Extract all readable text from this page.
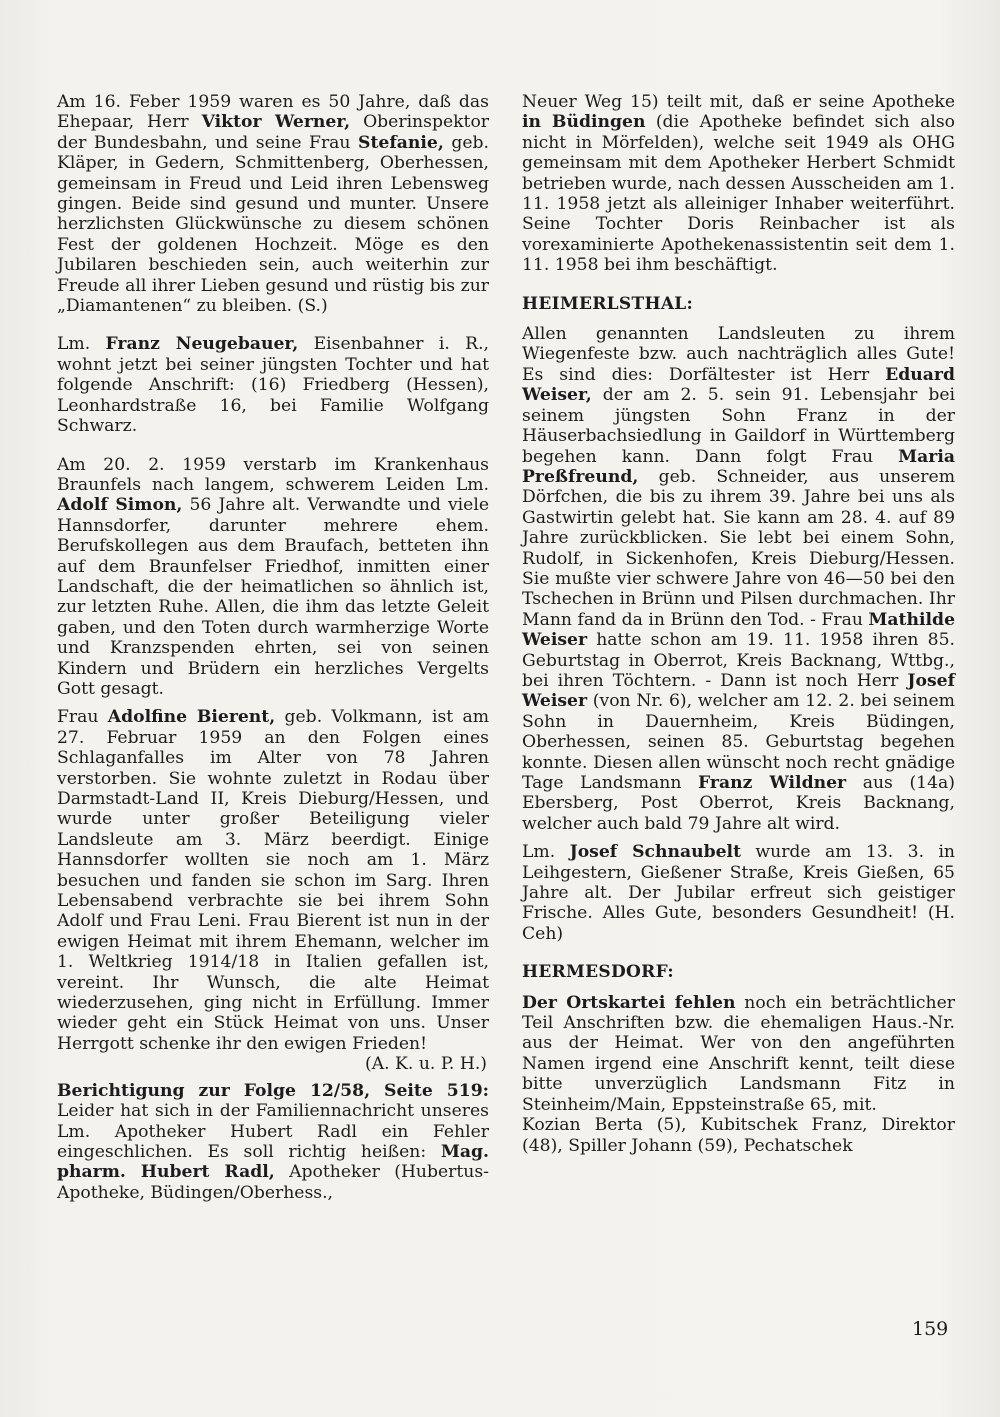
Am 16. Feber 1959 waren es 50 Jahre, daß das Ehepaar, Herr Viktor Werner, Oberinspektor der Bundesbahn, und seine Frau Stefanie, geb. Kläper, in Gedern, Schmittenberg, Oberhessen, gemeinsam in Freud und Leid ihren Lebensweg gingen. Beide sind gesund und munter. Unsere herzlichsten Glückwünsche zu diesem schönen Fest der goldenen Hochzeit. Möge es den Jubilaren beschieden sein, auch weiterhin zur Freude all ihrer Lieben gesund und rüstig bis zur „Diamantenen“ zu bleiben. (S.)

Lm. Franz Neugebauer, Eisenbahner i. R., wohnt jetzt bei seiner jüngsten Tochter und hat folgende Anschrift: (16) Friedberg (Hessen), Leonhardstraße 16, bei Familie Wolfgang Schwarz.

Am 20. 2. 1959 verstarb im Krankenhaus Braunfels nach langem, schwerem Leiden Lm. Adolf Simon, 56 Jahre alt. Verwandte und viele Hannsdorfer, darunter mehrere ehem. Berufskollegen aus dem Braufach, betteten ihn auf dem Braunfelser Friedhof, inmitten einer Landschaft, die der heimatlichen so ähnlich ist, zur letzten Ruhe. Allen, die ihm das letzte Geleit gaben, und den Toten durch warmherzige Worte und Kranzspenden ehrten, sei von seinen Kindern und Brüdern ein herzliches Vergelts Gott gesagt.

Frau Adolfine Bierent, geb. Volkmann, ist am 27. Februar 1959 an den Folgen eines Schlaganfalles im Alter von 78 Jahren verstorben. Sie wohnte zuletzt in Rodau über Darmstadt-Land II, Kreis Dieburg/Hessen, und wurde unter großer Beteiligung vieler Landsleute am 3. März beerdigt. Einige Hannsdorfer wollten sie noch am 1. März besuchen und fanden sie schon im Sarg. Ihren Lebensabend verbrachte sie bei ihrem Sohn Adolf und Frau Leni. Frau Bierent ist nun in der ewigen Heimat mit ihrem Ehemann, welcher im 1. Weltkrieg 1914/18 in Italien gefallen ist, vereint. Ihr Wunsch, die alte Heimat wiederzusehen, ging nicht in Erfüllung. Immer wieder geht ein Stück Heimat von uns. Unser Herrgott schenke ihr den ewigen Frieden!

(A. K. u. P. H.)

Berichtigung zur Folge 12/58, Seite 519: Leider hat sich in der Familiennachricht unseres Lm. Apotheker Hubert Radl ein Fehler eingeschlichen. Es soll richtig heißen: Mag. pharm. Hubert Radl, Apotheker (Hubertus-Apotheke, Büdingen/Oberhess.,

Neuer Weg 15) teilt mit, daß er seine Apotheke in Büdingen (die Apotheke befindet sich also nicht in Mörfelden), welche seit 1949 als OHG gemeinsam mit dem Apotheker Herbert Schmidt betrieben wurde, nach dessen Ausscheiden am 1. 11. 1958 jetzt als alleiniger Inhaber weiterführt. Seine Tochter Doris Reinbacher ist als vorexaminierte Apothekenassistentin seit dem 1. 11. 1958 bei ihm beschäftigt.

HEIMERLSTHAL:

Allen genannten Landsleuten zu ihrem Wiegenfeste bzw. auch nachträglich alles Gute! Es sind dies: Dorfältester ist Herr Eduard Weiser, der am 2. 5. sein 91. Lebensjahr bei seinem jüngsten Sohn Franz in der Häuserbachsiedlung in Gaildorf in Württemberg begehen kann. Dann folgt Frau Maria Preßfreund, geb. Schneider, aus unserem Dörfchen, die bis zu ihrem 39. Jahre bei uns als Gastwirtin gelebt hat. Sie kann am 28. 4. auf 89 Jahre zurückblicken. Sie lebt bei einem Sohn, Rudolf, in Sickenhofen, Kreis Dieburg/Hessen. Sie mußte vier schwere Jahre von 46—50 bei den Tschechen in Brünn und Pilsen durchmachen. Ihr Mann fand da in Brünn den Tod. - Frau Mathilde Weiser hatte schon am 19. 11. 1958 ihren 85. Geburtstag in Oberrot, Kreis Backnang, Wttbg., bei ihren Töchtern. - Dann ist noch Herr Josef Weiser (von Nr. 6), welcher am 12. 2. bei seinem Sohn in Dauernheim, Kreis Büdingen, Oberhessen, seinen 85. Geburtstag begehen konnte. Diesen allen wünscht noch recht gnädige Tage Landsmann Franz Wildner aus (14a) Ebersberg, Post Oberrot, Kreis Backnang, welcher auch bald 79 Jahre alt wird.

Lm. Josef Schnaubelt wurde am 13. 3. in Leihgestern, Gießener Straße, Kreis Gießen, 65 Jahre alt. Der Jubilar erfreut sich geistiger Frische. Alles Gute, besonders Gesundheit! (H. Ceh)

HERMESDORF:

Der Ortskartei fehlen noch ein beträchtlicher Teil Anschriften bzw. die ehemaligen Haus.-Nr. aus der Heimat. Wer von den angeführten Namen irgend eine Anschrift kennt, teilt diese bitte unverzüglich Landsmann Fitz in Steinheim/Main, Eppsteinstraße 65, mit.

Kozian Berta (5), Kubitschek Franz, Direktor (48), Spiller Johann (59), Pechatschek

159
